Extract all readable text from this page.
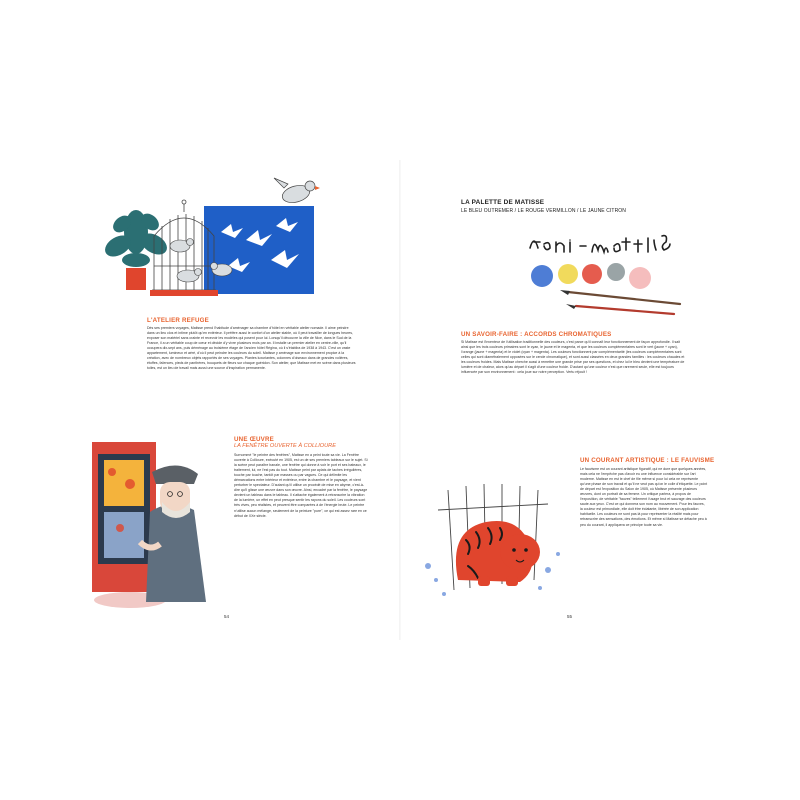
L'ATELIER REFUGE

Dès ses premiers voyages, Matisse prend l'habitude d'aménager sa chambre d'hôtel en véritable atelier nomade. Il aime peindre dans un lieu clos et intime plutôt qu'en extérieur. Il préfère aussi le confort d'un atelier stable, où il peut travailler de longues heures, exposer son matériel sans crainte et recevoir les modèles qui posent pour lui. Lorsqu'il découvre la ville de Nice, dans le Sud de la France, il a un véritable coup de cœur et décide d'y vivre plusieurs mois par an. Il installe un premier atelier en centre-ville, qu'il occupera dix-sept ans, puis déménage au troisième étage de l'ancien hôtel Régina, où il s'établira de 1938 à 1943. C'est un vaste appartement, lumineux et aéré, d'où il peut peindre les couleurs du soleil. Matisse y aménage son environnement propice à la création, avec de nombreux objets rapportés de ses voyages. Plantes luxuriantes, colonnes d'oiseaux dans de grandes volières, étoffes, faïences, pieds de panthères, bouquets de fleurs sur chaque guéridon. Son atelier, que Matisse met en scène dans plusieurs toiles, est un lieu de travail mais aussi une source d'inspiration permanente.

UNE ŒUVRE
LA FENÊTRE OUVERTE À COLLIOURE

Surnommé "le peintre des fenêtres", Matisse en a peint toute sa vie. La Fenêtre ouverte à Collioure, exécuté en 1905, est un de ses premiers tableaux sur le sujet. Si la scène peut paraître banale, une fenêtre qui donne à voir le port et ses bateaux, le traitement, lui, ne l'est pas du tout. Matisse peint par aplats de taches irrégulières, touche par touche, tantôt par masses ou par vagues. Ce qui délimite les démarcations entre intérieur et extérieur, entre la chambre et le paysage, et vient perturber le spectateur. D'autant qu'il utilise un procédé de mise en abyme, c'est-à-dire qu'il glisse une œuvre dans son œuvre. Ainsi, encadré par la fenêtre, le paysage devient un tableau dans le tableau. Il s'attache également à retranscrire la vibration de la lumière, un effet en peut presque sentir les rayons du soleil. Les couleurs sont très vives, peu réalistes, et peuvent être comparées à de l'énergie brute. Le peintre n'utilise aucun mélange, seulement de la peinture "pure", ce qui est assez rare en ce début de XXe siècle.

54
LA PALETTE DE MATISSE
LE BLEU OUTREMER / LE ROUGE VERMILLON / LE JAUNE CITRON
UN SAVOIR-FAIRE : ACCORDS CHROMATIQUES

Si Matisse est l'inventeur de l'utilisation traditionnelle des couleurs, c'est parce qu'il connaît leur fonctionnement de façon approfondie. Il sait ainsi que les trois couleurs primaires sont le cyan, le jaune et le magenta, et que les couleurs complémentaires sont le vert (jaune + cyan), l'orange (jaune + magenta) et le violet (cyan + magenta). Les couleurs fonctionnent par complémentarité (les couleurs complémentaires sont celles qui sont diamétralement opposées sur le cercle chromatique), et sont aussi classées en deux grandes familles : les couleurs chaudes et les couleurs froides. Mais Matisse cherche aussi à remettre une grande prise par ses questions, et chez lui le bleu devient une température de lumière et de chaleur, alors qu'au départ il s'agit d'une couleur froide. D'autant qu'une couleur n'est que rarement seule, elle est toujours influencée par son environnement : cela joue sur notre perception. Vertu réjouit !

UN COURANT ARTISTIQUE : LE FAUVISME

Le fauvisme est un courant artistique figuratif, qui ne dure que quelques années, mais cela ne l'empêche pas d'avoir eu une influence considérable sur l'art moderne. Matisse en est le chef de file même si pour lui cela ne représente qu'une phase de son travail et qu'il ne veut pas qu'on le colle d'étiquette. Le point de départ est l'exposition du Salon de 1905, où Matisse présente plusieurs œuvres, dont un portrait de sa femme. Un critique parlera, à propos de l'exposition, de véritable "fauves" tellement l'usage brut et sauvage des couleurs saute aux yeux. C'est ce qui donnera son nom au mouvement. Pour les fauves, la couleur est primordiale, elle doit être éclatante, libérée de son application habituelle. Les couleurs ne sont pas là pour représenter la réalité mais pour retranscrire des sensations, des émotions. Et même si Matisse se détache peu à peu du courant, il appliquera ce principe toute sa vie.

55
